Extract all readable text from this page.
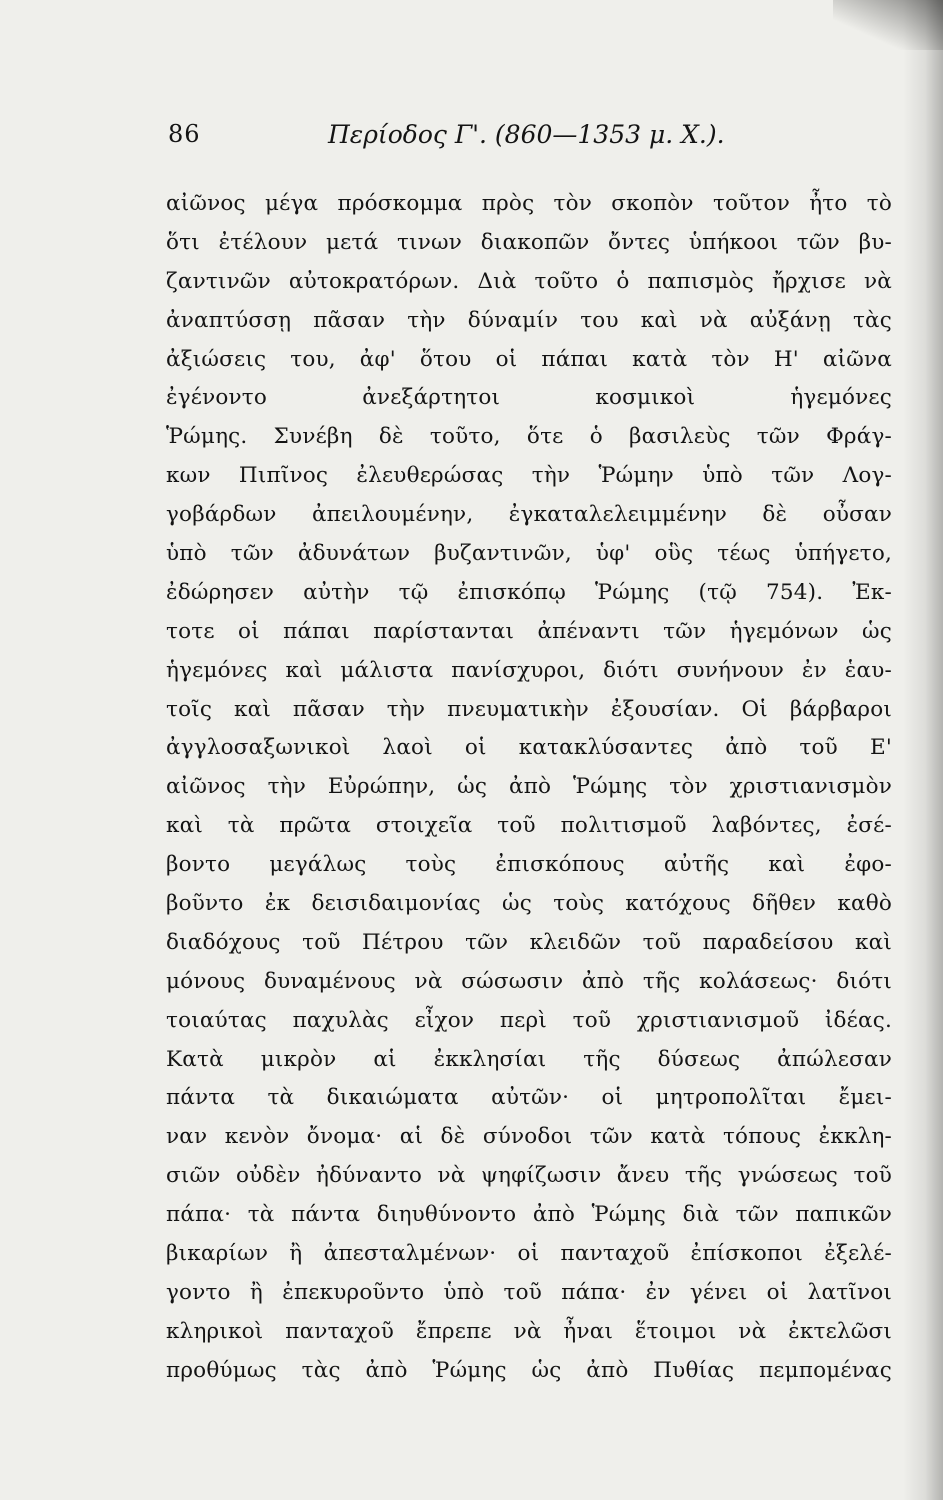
86	Περίοδος Γ'. (860—1353 μ. Χ.).
αἰῶνος μέγα πρόσκομμα πρὸς τὸν σκοπὸν τοῦτον ἦτο τὸ
ὅτι ἐτέλουν μετά τινων διακοπῶν ὄντες ὑπήκοοι τῶν βυ-
ζαντινῶν αὐτοκρατόρων. Διὰ τοῦτο ὁ παπισμὸς ἤρχισε νὰ
ἀναπτύσσῃ πᾶσαν τὴν δύναμίν του καὶ νὰ αὐξάνῃ τὰς
ἀξιώσεις του, ἀφ' ὅτου οἱ πάπαι κατὰ τὸν Η' αἰῶνα
ἐγένοντο ἀνεξάρτητοι κοσμικοὶ ἡγεμόνες
Ῥώμης. Συνέβη δὲ τοῦτο, ὅτε ὁ βασιλεὺς τῶν Φράγ-
κων Πιπῖνος ἐλευθερώσας τὴν Ῥώμην ὑπὸ τῶν Λογ-
γοβάρδων ἀπειλουμένην, ἐγκαταλελειμμένην δὲ οὖσαν
ὑπὸ τῶν ἀδυνάτων βυζαντινῶν, ὑφ' οὓς τέως ὑπήγετο,
ἐδώρησεν αὐτὴν τῷ ἐπισκόπῳ Ῥώμης (τῷ 754). Ἐκ-
τοτε οἱ πάπαι παρίστανται ἀπέναντι τῶν ἡγεμόνων ὡς
ἡγεμόνες καὶ μάλιστα πανίσχυροι, διότι συνήνουν ἐν ἑαυ-
τοῖς καὶ πᾶσαν τὴν πνευματικὴν ἐξουσίαν. Οἱ βάρβαροι
ἀγγλοσαξωνικοὶ λαοὶ οἱ κατακλύσαντες ἀπὸ τοῦ Ε'
αἰῶνος τὴν Εὐρώπην, ὡς ἀπὸ Ῥώμης τὸν χριστιανισμὸν
καὶ τὰ πρῶτα στοιχεῖα τοῦ πολιτισμοῦ λαβόντες, ἐσέ-
βοντο μεγάλως τοὺς ἐπισκόπους αὐτῆς καὶ ἐφο-
βοῦντο ἐκ δεισιδαιμονίας ὡς τοὺς κατόχους δῆθεν καθὸ
διαδόχους τοῦ Πέτρου τῶν κλειδῶν τοῦ παραδείσου καὶ
μόνους δυναμένους νὰ σώσωσιν ἀπὸ τῆς κολάσεως· διότι
τοιαύτας παχυλὰς εἶχον περὶ τοῦ χριστιανισμοῦ ἰδέας.
Κατὰ μικρὸν αἱ ἐκκλησίαι τῆς δύσεως ἀπώλεσαν
πάντα τὰ δικαιώματα αὐτῶν· οἱ μητροπολῖται ἔμει-
ναν κενὸν ὄνομα· αἱ δὲ σύνοδοι τῶν κατὰ τόπους ἐκκλη-
σιῶν οὐδὲν ἠδύναντο νὰ ψηφίζωσιν ἄνευ τῆς γνώσεως τοῦ
πάπα· τὰ πάντα διηυθύνοντο ἀπὸ Ῥώμης διὰ τῶν παπικῶν
βικαρίων ἢ ἀπεσταλμένων· οἱ πανταχοῦ ἐπίσκοποι ἐξελέ-
γοντο ἢ ἐπεκυροῦντο ὑπὸ τοῦ πάπα· ἐν γένει οἱ λατῖνοι
κληρικοὶ πανταχοῦ ἔπρεπε νὰ ἦναι ἕτοιμοι νὰ ἐκτελῶσι
προθύμως τὰς ἀπὸ Ῥώμης ὡς ἀπὸ Πυθίας πεμπομένας
